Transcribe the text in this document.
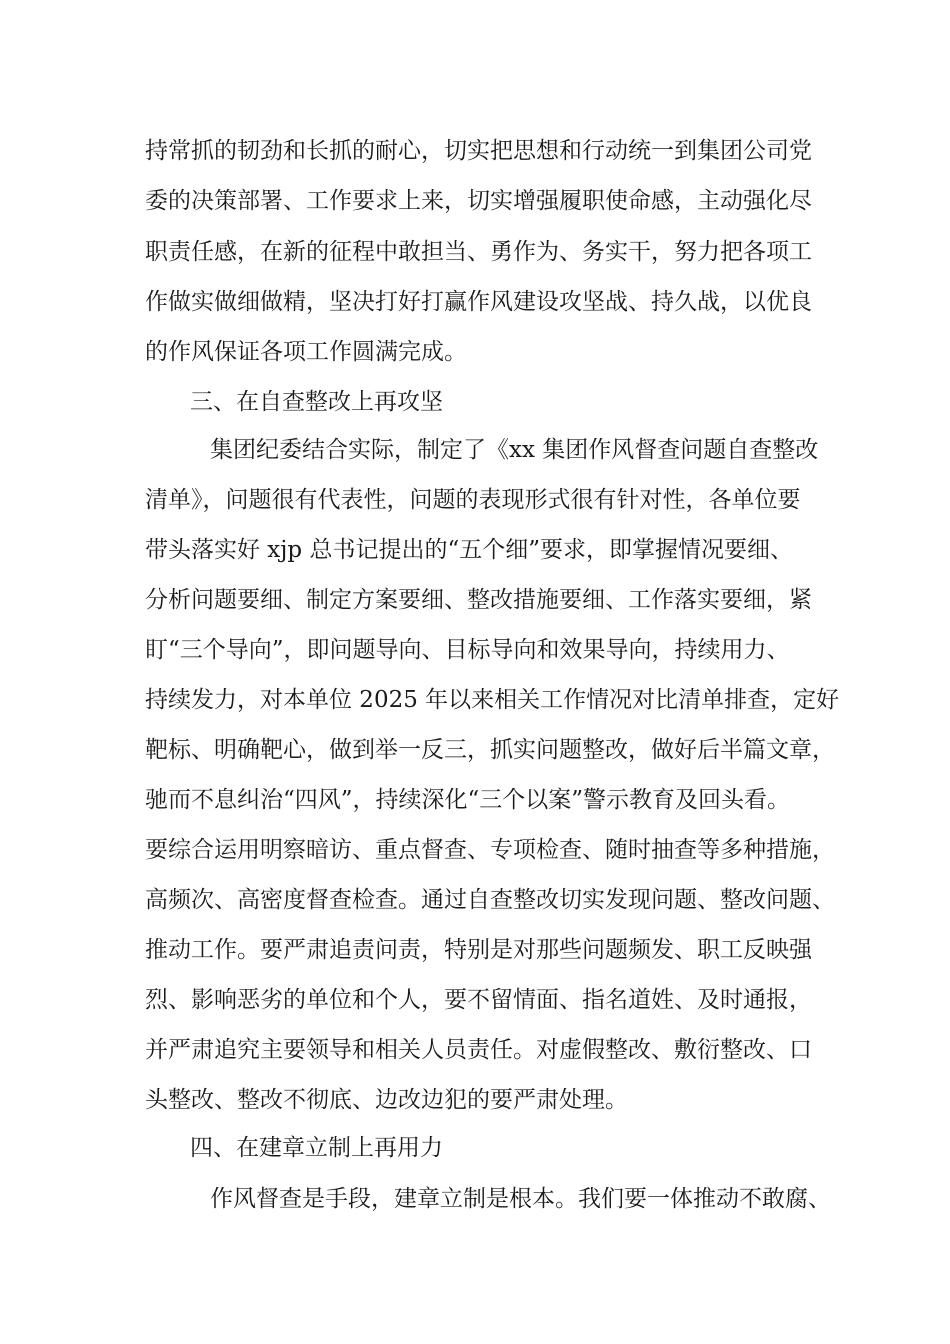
持常抓的韧劲和长抓的耐心，切实把思想和行动统一到集团公司党
委的决策部署、工作要求上来，切实增强履职使命感，主动强化尽
职责任感，在新的征程中敢担当、勇作为、务实干，努力把各项工
作做实做细做精，坚决打好打赢作风建设攻坚战、持久战，以优良
的作风保证各项工作圆满完成。
三、在自查整改上再攻坚
集团纪委结合实际，制定了《xx 集团作风督查问题自查整改
清单》，问题很有代表性，问题的表现形式很有针对性，各单位要
带头落实好 xjp 总书记提出的“五个细”要求，即掌握情况要细、
分析问题要细、制定方案要细、整改措施要细、工作落实要细，紧
盯“三个导向”，即问题导向、目标导向和效果导向，持续用力、
持续发力，对本单位 2025 年以来相关工作情况对比清单排查，定好
靶标、明确靶心，做到举一反三，抓实问题整改，做好后半篇文章，
驰而不息纠治“四风”，持续深化“三个以案”警示教育及回头看。
要综合运用明察暗访、重点督查、专项检查、随时抽查等多种措施，
高频次、高密度督查检查。通过自查整改切实发现问题、整改问题、
推动工作。要严肃追责问责，特别是对那些问题频发、职工反映强
烈、影响恶劣的单位和个人，要不留情面、指名道姓、及时通报，
并严肃追究主要领导和相关人员责任。对虚假整改、敷衍整改、口
头整改、整改不彻底、边改边犯的要严肃处理。
四、在建章立制上再用力
作风督查是手段，建章立制是根本。我们要一体推动不敢腐、
